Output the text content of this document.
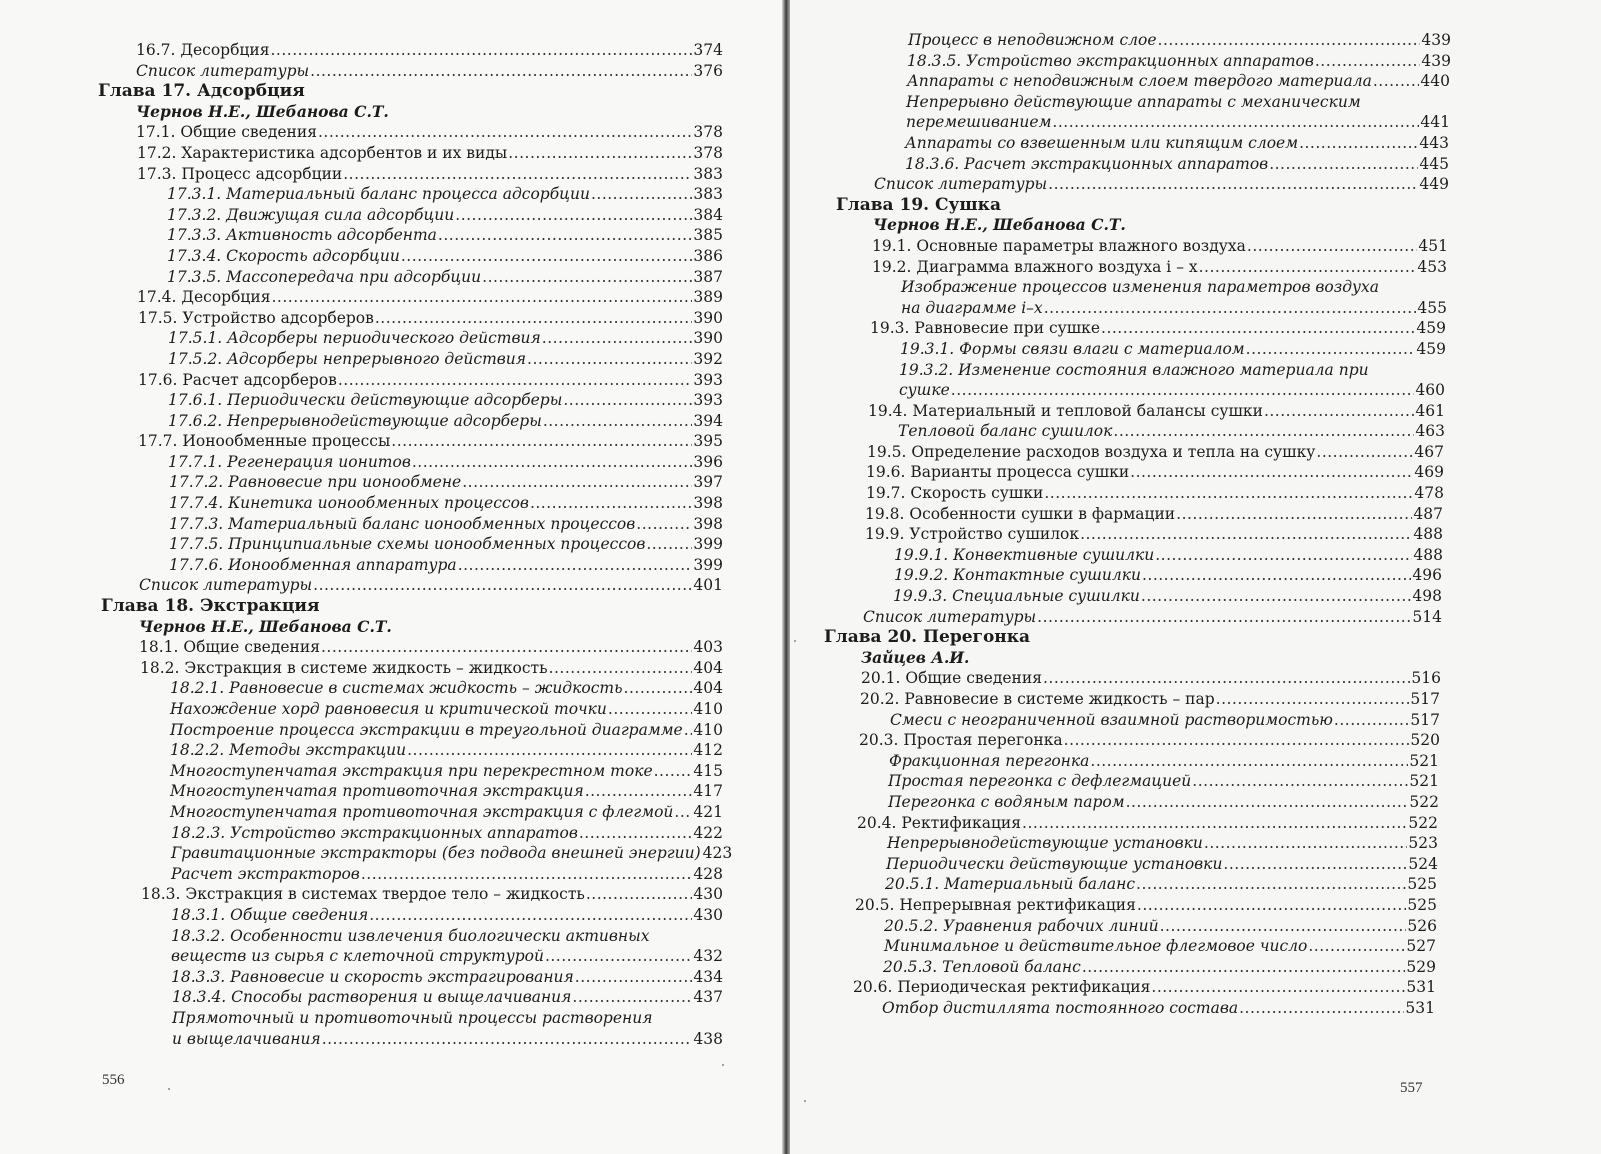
16.7. Десорбция .....	374
Список литературы .....	376
Глава 17. Адсорбция
Чернов Н.Е., Шебанова С.Т.
17.1. Общие сведения .....	378
17.2. Характеристика адсорбентов и их виды .....	378
17.3. Процесс адсорбции .....	383
17.3.1. Материальный баланс процесса адсорбции .....	383
17.3.2. Движущая сила адсорбции .....	384
17.3.3. Активность адсорбента .....	385
17.3.4. Скорость адсорбции .....	386
17.3.5. Массопередача при адсорбции .....	387
17.4. Десорбция .....	389
17.5. Устройство адсорберов .....	390
17.5.1. Адсорберы периодического действия .....	390
17.5.2. Адсорберы непрерывного действия .....	392
17.6. Расчет адсорберов .....	393
17.6.1. Периодически действующие адсорберы .....	393
17.6.2. Непрерывнодействующие адсорберы .....	394
17.7. Ионообменные процессы .....	395
17.7.1. Регенерация ионитов .....	396
17.7.2. Равновесие при ионообмене .....	397
17.7.4. Кинетика ионообменных процессов .....	398
17.7.3. Материальный баланс ионообменных процессов .....	398
17.7.5. Принципиальные схемы ионообменных процессов .....	399
17.7.6. Ионообменная аппаратура .....	399
Список литературы .....	401
Глава 18. Экстракция
Чернов Н.Е., Шебанова С.Т.
18.1. Общие сведения .....	403
18.2. Экстракция в системе жидкость – жидкость .....	404
18.2.1. Равновесие в системах жидкость – жидкость .....	404
Нахождение хорд равновесия и критической точки .....	410
Построение процесса экстракции в треугольной диаграмме ..... 410
18.2.2. Методы экстракции .....	412
Многоступенчатая экстракция при перекрестном токе .....	415
Многоступенчатая противоточная экстракция .....	417
Многоступенчатая противоточная экстракция с флегмой ..... 421
18.2.3. Устройство экстракционных аппаратов .....	422
Гравитационные экстракторы (без подвода внешней энергии) 423
Расчет экстракторов .....	428
18.3. Экстракция в системах твердое тело – жидкость .....	430
18.3.1. Общие сведения .....	430
18.3.2. Особенности извлечения биологически активных
веществ из сырья с клеточной структурой .....	432
18.3.3. Равновесие и скорость экстрагирования .....	434
18.3.4. Способы растворения и выщелачивания .....	437
Прямоточный и противоточный процессы растворения
и выщелачивания .....	438
556
Процесс в неподвижном слое .....	439
18.3.5. Устройство экстракционных аппаратов .....	439
Аппараты с неподвижным слоем твердого материала .....	440
Непрерывно действующие аппараты с механическим
перемешиванием .....	441
Аппараты со взвешенным или кипящим слоем .....	443
18.3.6. Расчет экстракционных аппаратов .....	445
Список литературы .....	449
Глава 19. Сушка
Чернов Н.Е., Шебанова С.Т.
19.1. Основные параметры влажного воздуха .....	451
19.2. Диаграмма влажного воздуха i – x .....	453
Изображение процессов изменения параметров воздуха
на диаграмме i–x .....	455
19.3. Равновесие при сушке .....	459
19.3.1. Формы связи влаги с материалом .....	459
19.3.2. Изменение состояния влажного материала при
сушке .....	460
19.4. Материальный и тепловой балансы сушки .....	461
Тепловой баланс сушилок .....	463
19.5. Определение расходов воздуха и тепла на сушку .....	467
19.6. Варианты процесса сушки .....	469
19.7. Скорость сушки .....	478
19.8. Особенности сушки в фармации .....	487
19.9. Устройство сушилок .....	488
19.9.1. Конвективные сушилки .....	488
19.9.2. Контактные сушилки .....	496
19.9.3. Специальные сушилки .....	498
Список литературы .....	514
Глава 20. Перегонка
Зайцев А.И.
20.1. Общие сведения .....	516
20.2. Равновесие в системе жидкость – пар .....	517
Смеси с неограниченной взаимной растворимостью .....	517
20.3. Простая перегонка .....	520
Фракционная перегонка .....	521
Простая перегонка с дефлегмацией .....	521
Перегонка с водяным паром .....	522
20.4. Ректификация .....	522
Непрерывнодействующие установки .....	523
Периодически действующие установки .....	524
20.5.1. Материальный баланс .....	525
20.5. Непрерывная ректификация .....	525
20.5.2. Уравнения рабочих линий .....	526
Минимальное и действительное флегмовое число .....	527
20.5.3. Тепловой баланс .....	529
20.6. Периодическая ректификация .....	531
Отбор дистиллята постоянного состава .....	531
557
